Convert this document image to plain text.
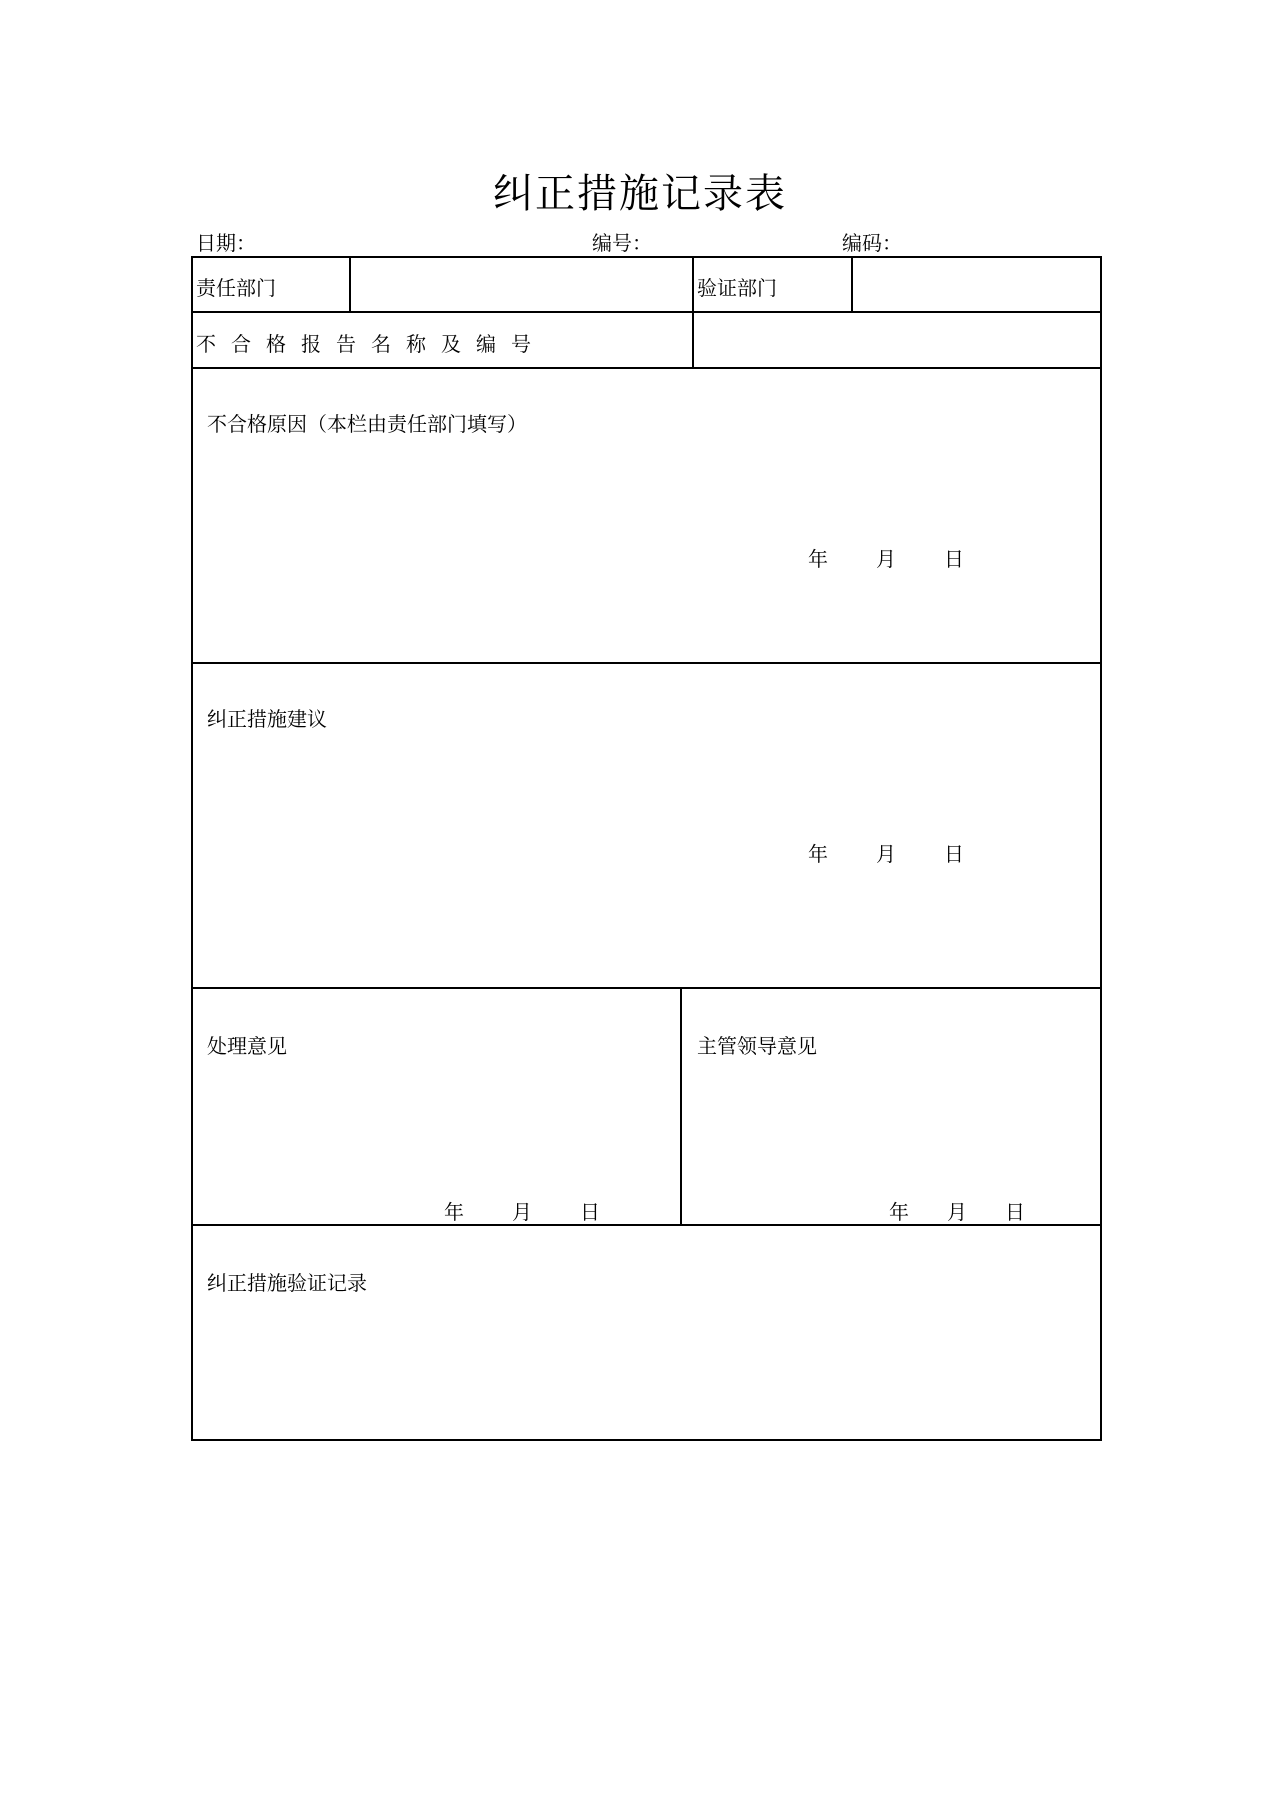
纠正措施记录表
日期：	编号：	编码：
责任部门	验证部门
不合格报告名称及编号
不合格原因（本栏由责任部门填写）
年 月 日
纠正措施建议
年 月 日
处理意见
年 月 日
主管领导意见
年 月 日
纠正措施验证记录
